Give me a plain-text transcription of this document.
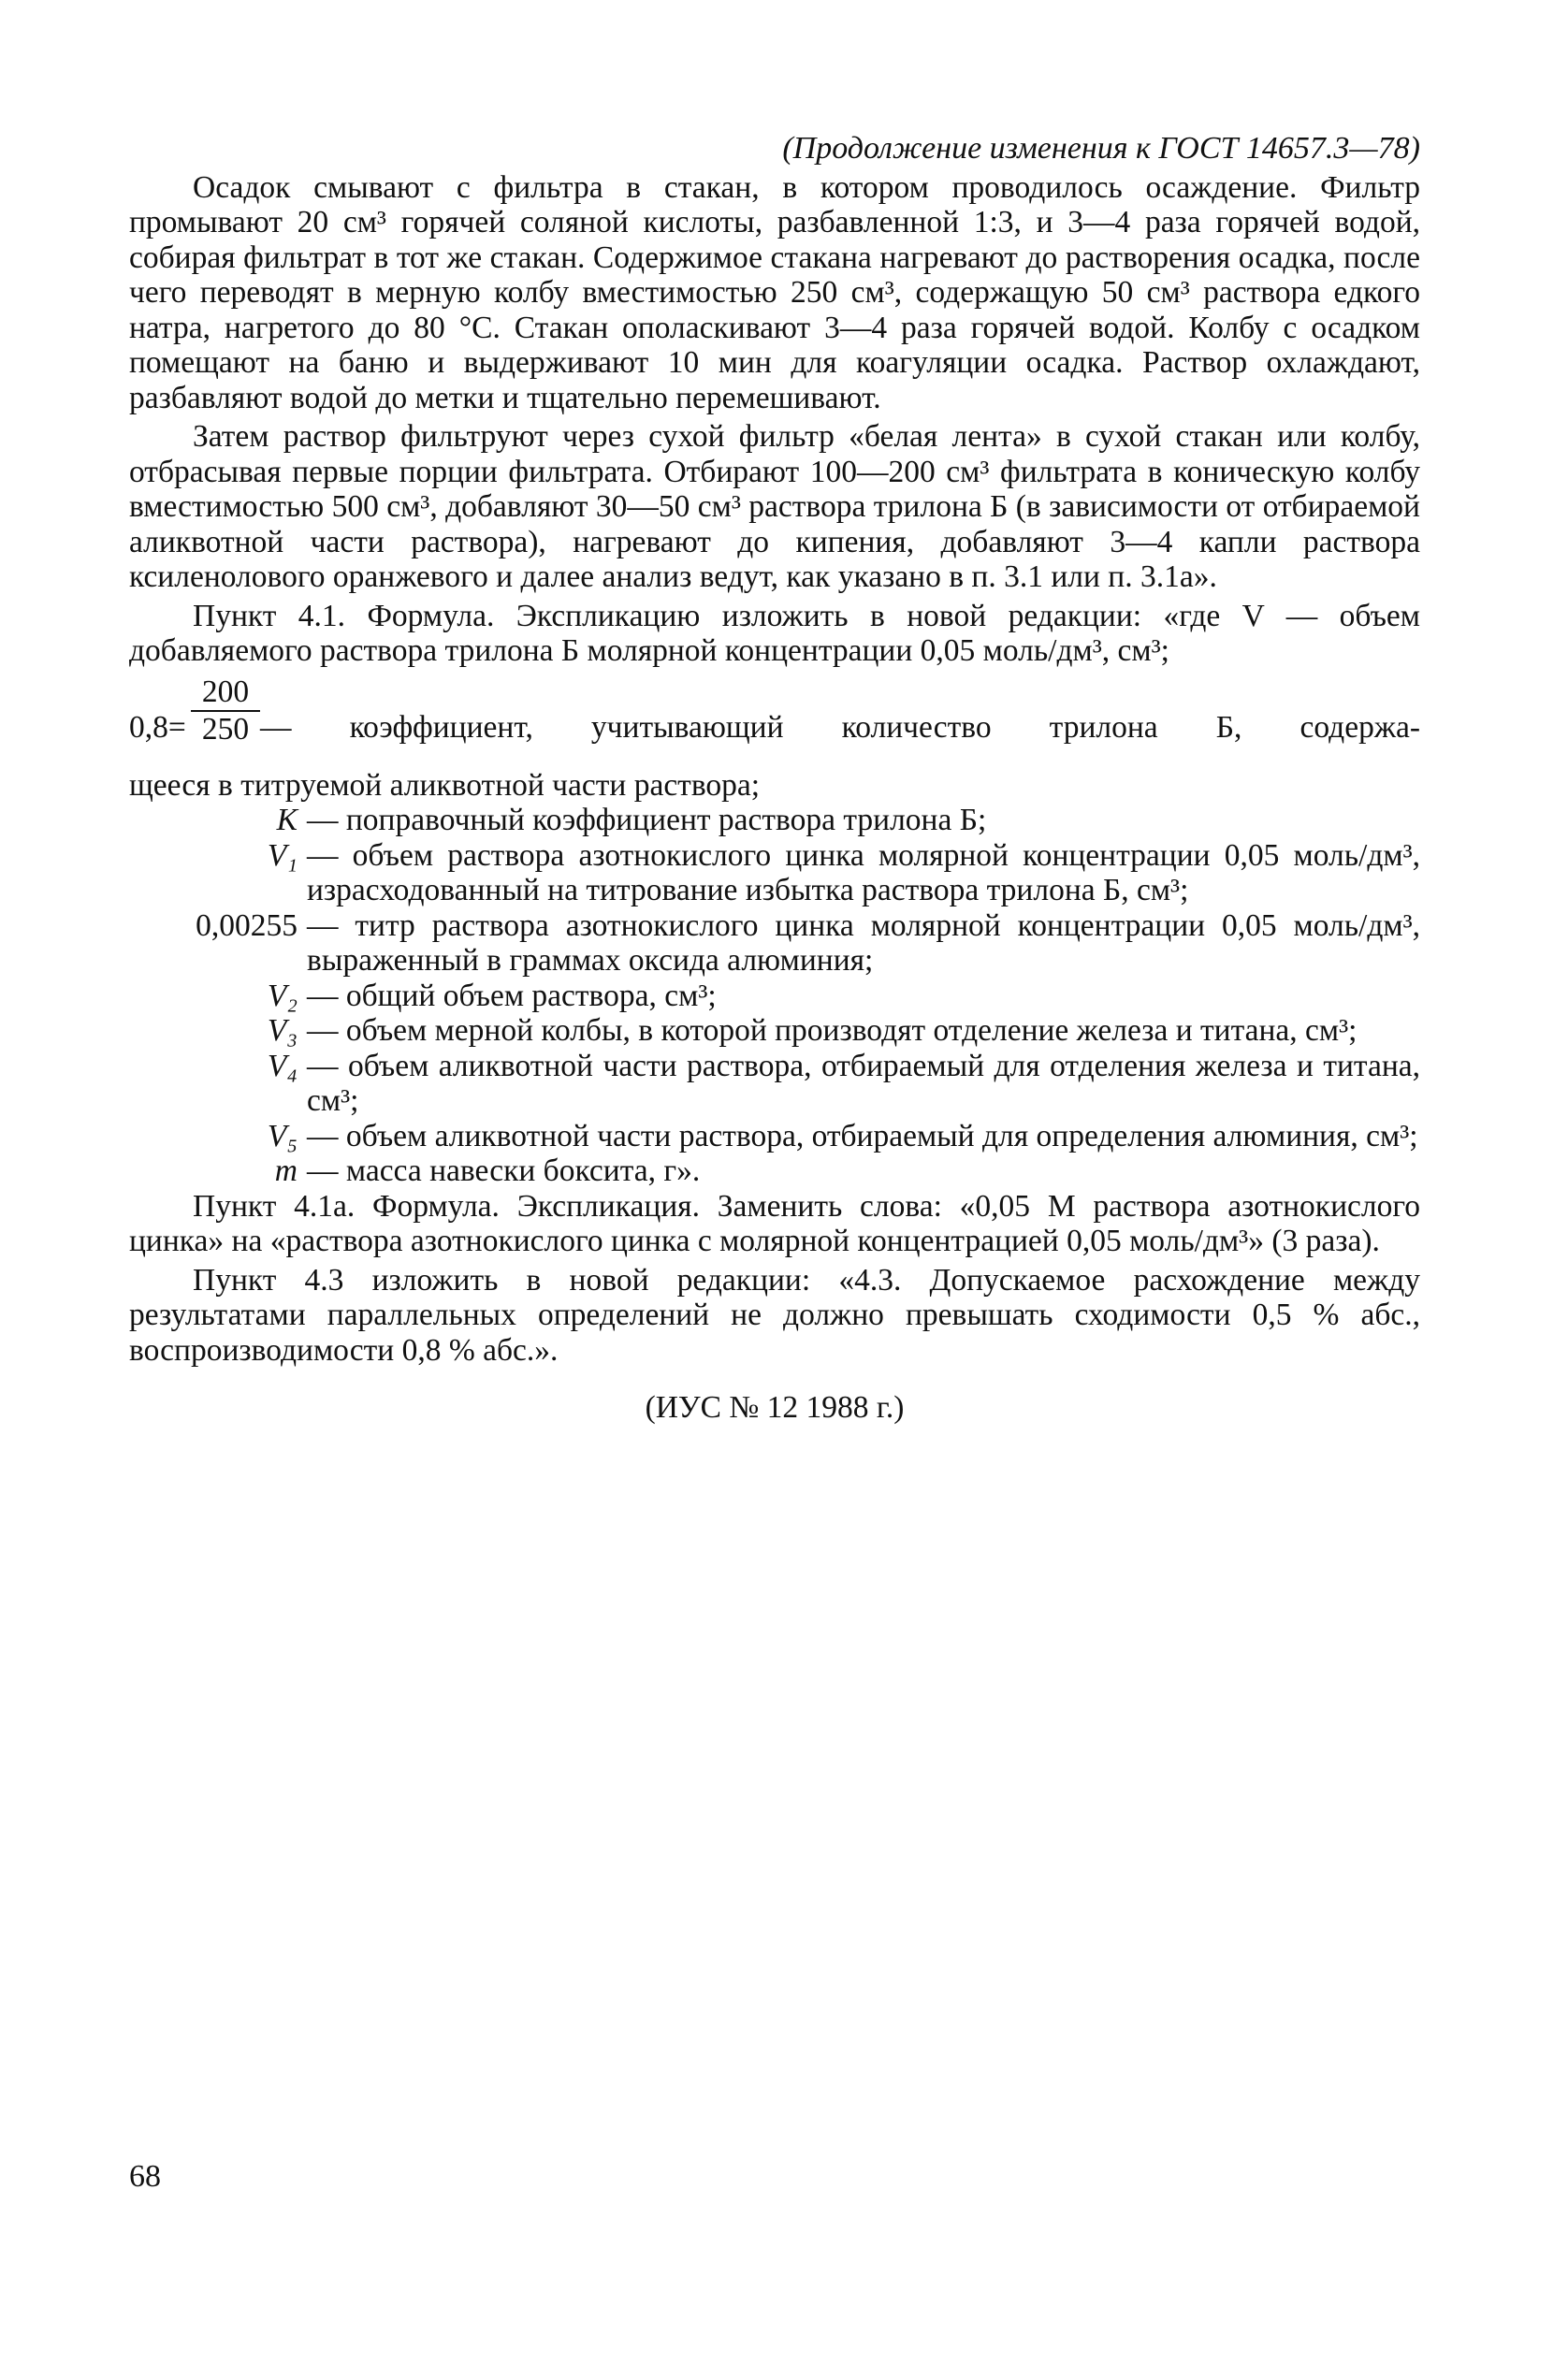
(Продолжение изменения к ГОСТ 14657.3—78)

Осадок смывают с фильтра в стакан, в котором проводилось осаждение. Фильтр промывают 20 см³ горячей соляной кислоты, разбавленной 1:3, и 3—4 раза горячей водой, собирая фильтрат в тот же стакан. Содержимое стакана нагревают до растворения осадка, после чего переводят в мерную колбу вместимостью 250 см³, содержащую 50 см³ раствора едкого натра, нагретого до 80 °С. Стакан ополаскивают 3—4 раза горячей водой. Колбу с осадком помещают на баню и выдерживают 10 мин для коагуляции осадка. Раствор охлаждают, разбавляют водой до метки и тщательно перемешивают.

Затем раствор фильтруют через сухой фильтр «белая лента» в сухой стакан или колбу, отбрасывая первые порции фильтрата. Отбирают 100—200 см³ фильтрата в коническую колбу вместимостью 500 см³, добавляют 30—50 см³ раствора трилона Б (в зависимости от отбираемой аликвотной части раствора), нагревают до кипения, добавляют 3—4 капли раствора ксиленолового оранжевого и далее анализ ведут, как указано в п. 3.1 или п. 3.1а».

Пункт 4.1. Формула. Экспликацию изложить в новой редакции: «где V — объем добавляемого раствора трилона Б молярной концентрации 0,05 моль/дм³, см³;

$0,8= \frac{200}{250}$ — коэффициент, учитывающий количество трилона Б, содержа-

щееся в титруемой аликвотной части раствора;

K — поправочный коэффициент раствора трилона Б;
V₁ — объем раствора азотнокислого цинка молярной концентрации 0,05 моль/дм³, израсходованный на титрование избытка раствора трилона Б, см³;
0,00255 — титр раствора азотнокислого цинка молярной концентрации 0,05 моль/дм³, выраженный в граммах оксида алюминия;
V₂ — общий объем раствора, см³;
V₃ — объем мерной колбы, в которой производят отделение железа и титана, см³;
V₄ — объем аликвотной части раствора, отбираемый для отделения железа и титана, см³;
V₅ — объем аликвотной части раствора, отбираемый для определения алюминия, см³;
m — масса навески боксита, г».

Пункт 4.1а. Формула. Экспликация. Заменить слова: «0,05 М раствора азотнокислого цинка» на «раствора азотнокислого цинка с молярной концентрацией 0,05 моль/дм³» (3 раза).

Пункт 4.3 изложить в новой редакции: «4.3. Допускаемое расхождение между результатами параллельных определений не должно превышать сходимости 0,5 % абс., воспроизводимости 0,8 % абс.».

(ИУС № 12 1988 г.)

68
